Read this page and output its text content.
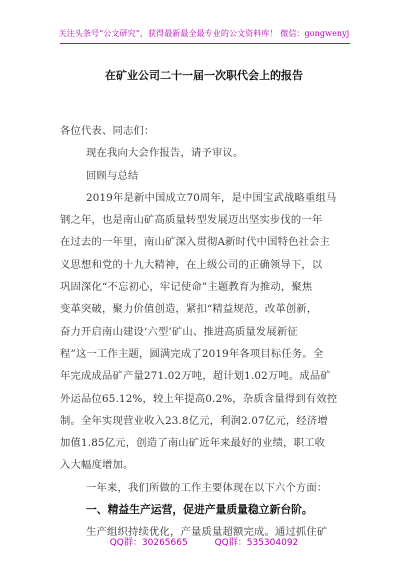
关注头条号“公文研究”，获得最新最全最专业的公文资料库！ 微信：gongwenyj
在矿业公司二十一届一次职代会上的报告
各位代表、同志们：
现在我向大会作报告，请予审议。
回顾与总结
2019年是新中国成立70周年，是中国宝武战略重组马
钢之年，也是南山矿高质量转型发展迈出坚实步伐的一年
在过去的一年里，南山矿深入贯彻A新时代中国特色社会主
义思想和党的十九大精神，在上级公司的正确领导下，以
巩固深化“不忘初心，牢记使命”主题教育为推动，聚焦
变革突破，聚力价值创造，紧扣“精益规范，改革创新，
奋力开启南山建设‘六型’矿山、推进高质量发展新征
程”这一工作主题，圆满完成了2019年各项目标任务。全
年完成成品矿产量271.02万吨，超计划1.02万吨。成品矿
外运品位65.12%，较上年提高0.2%，杂质含量得到有效控
制。全年实现营业收入23.8亿元，利润2.07亿元，经济增
加值1.85亿元，创造了南山矿近年来最好的业绩，职工收
入大幅度增加。
一年来，我们所做的工作主要体现在以下六个方面：
一、精益生产运营，促进产量质量稳立新台阶。
生产组织持续优化，产量质量超额完成。通过抓住矿
QQ群：30265665	QQ群：535304092
